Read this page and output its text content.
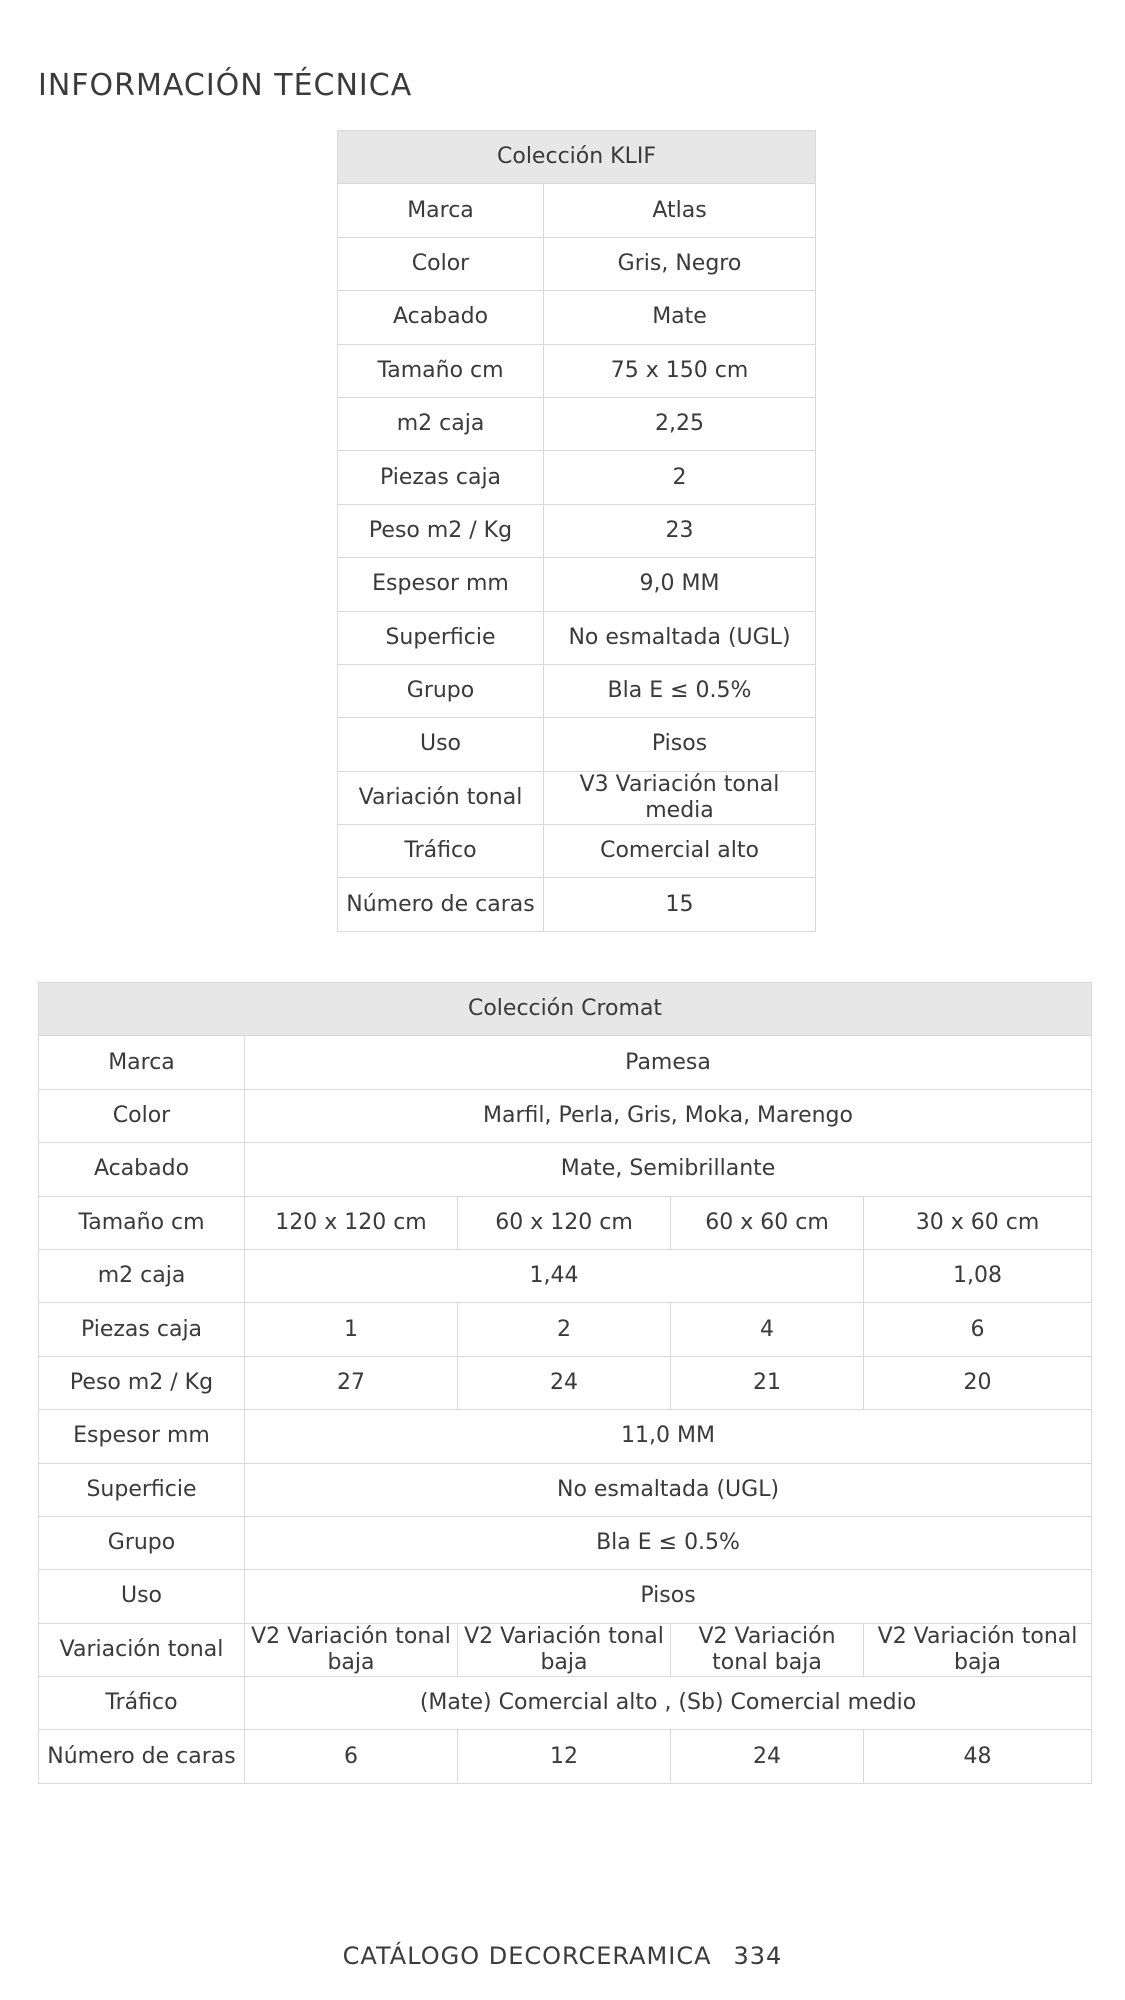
INFORMACIÓN TÉCNICA
Colección KLIF	
Marca	Atlas
Color	Gris, Negro
Acabado	Mate
Tamaño cm	75 x 150 cm
m2 caja	2,25
Piezas caja	2
Peso m2 / Kg	23
Espesor mm	9,0 MM
Superficie	No esmaltada (UGL)
Grupo	Bla E ≤ 0.5%
Uso	Pisos
Variación tonal	V3 Variación tonal media
Tráfico	Comercial alto
Número de caras	15
Colección Cromat				
Marca	Pamesa			
Color	Marfil, Perla, Gris, Moka, Marengo			
Acabado	Mate, Semibrillante			
Tamaño cm	120 x 120 cm	60 x 120 cm	60 x 60 cm	30 x 60 cm
m2 caja	1,44			1,08
Piezas caja	1	2	4	6
Peso m2 / Kg	27	24	21	20
Espesor mm	11,0 MM			
Superficie	No esmaltada (UGL)			
Grupo	Bla E ≤ 0.5%			
Uso	Pisos			
Variación tonal	V2 Variación tonal baja	V2 Variación tonal baja	V2 Variación tonal baja	V2 Variación tonal baja
Tráfico	(Mate) Comercial alto , (Sb) Comercial medio			
Número de caras	6	12	24	48
CATÁLOGO DECORCERAMICA 334
